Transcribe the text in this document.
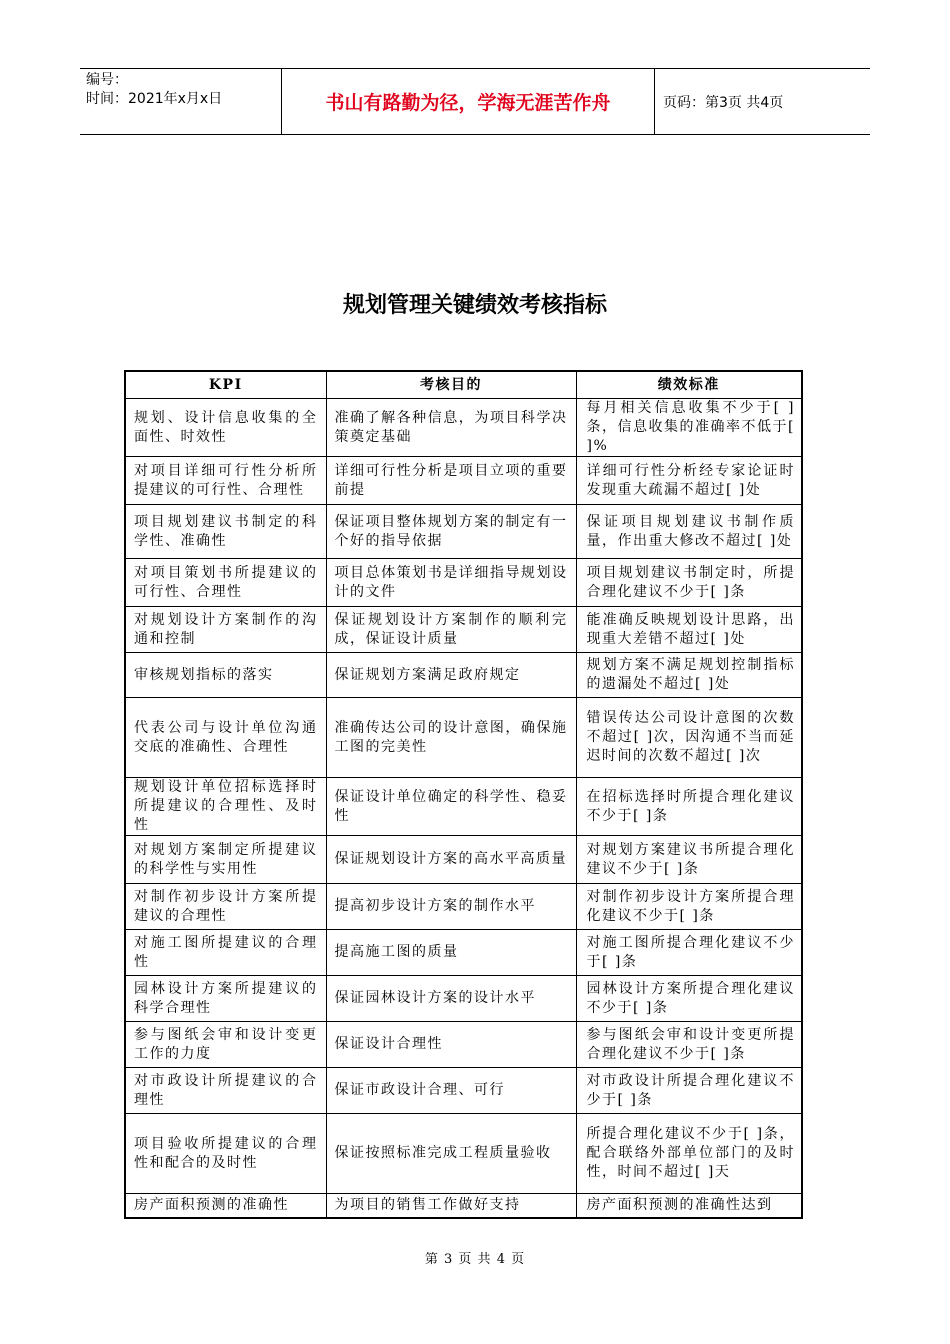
编号：
时间：2021年x月x日	书山有路勤为径，学海无涯苦作舟	页码：第3页 共4页
规划管理关键绩效考核指标
KPI	考核目的	绩效标准
规划、设计信息收集的全面性、时效性	准确了解各种信息，为项目科学决策奠定基础	每月相关信息收集不少于[ ]条，信息收集的准确率不低于[ ]%
对项目详细可行性分析所提建议的可行性、合理性	详细可行性分析是项目立项的重要前提	详细可行性分析经专家论证时发现重大疏漏不超过[ ]处
项目规划建议书制定的科学性、准确性	保证项目整体规划方案的制定有一个好的指导依据	保证项目规划建议书制作质量，作出重大修改不超过[ ]处
对项目策划书所提建议的可行性、合理性	项目总体策划书是详细指导规划设计的文件	项目规划建议书制定时，所提合理化建议不少于[ ]条
对规划设计方案制作的沟通和控制	保证规划设计方案制作的顺利完成，保证设计质量	能准确反映规划设计思路，出现重大差错不超过[ ]处
审核规划指标的落实	保证规划方案满足政府规定	规划方案不满足规划控制指标的遗漏处不超过[ ]处
代表公司与设计单位沟通交底的准确性、合理性	准确传达公司的设计意图，确保施工图的完美性	错误传达公司设计意图的次数不超过[ ]次，因沟通不当而延迟时间的次数不超过[ ]次
规划设计单位招标选择时所提建议的合理性、及时性	保证设计单位确定的科学性、稳妥性	在招标选择时所提合理化建议不少于[ ]条
对规划方案制定所提建议的科学性与实用性	保证规划设计方案的高水平高质量	对规划方案建议书所提合理化建议不少于[ ]条
对制作初步设计方案所提建议的合理性	提高初步设计方案的制作水平	对制作初步设计方案所提合理化建议不少于[ ]条
对施工图所提建议的合理性	提高施工图的质量	对施工图所提合理化建议不少于[ ]条
园林设计方案所提建议的科学合理性	保证园林设计方案的设计水平	园林设计方案所提合理化建议不少于[ ]条
参与图纸会审和设计变更工作的力度	保证设计合理性	参与图纸会审和设计变更所提合理化建议不少于[ ]条
对市政设计所提建议的合理性	保证市政设计合理、可行	对市政设计所提合理化建议不少于[ ]条
项目验收所提建议的合理性和配合的及时性	保证按照标准完成工程质量验收	所提合理化建议不少于[ ]条，配合联络外部单位部门的及时性，时间不超过[ ]天
房产面积预测的准确性	为项目的销售工作做好支持	房产面积预测的准确性达到
第 3 页 共 4 页
